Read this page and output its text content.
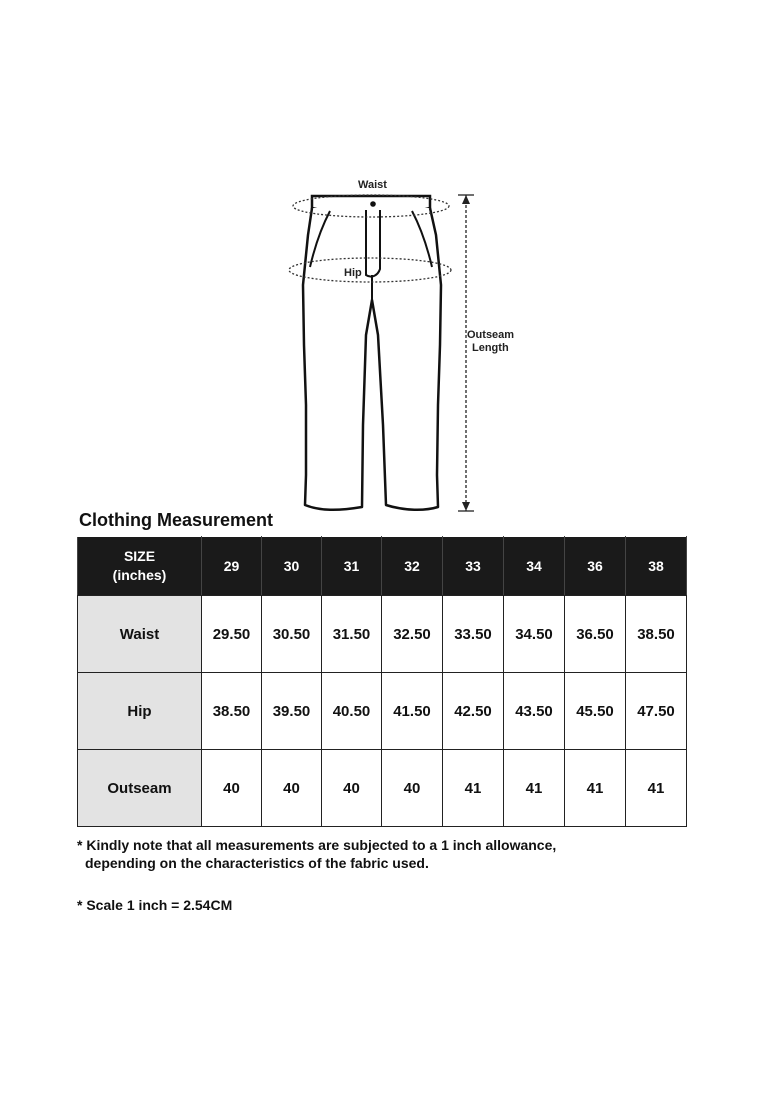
Waist
Hip
Outseam
Length
Clothing Measurement
SIZE
(inches)	29	30	31	32	33	34	36	38
Waist	29.50	30.50	31.50	32.50	33.50	34.50	36.50	38.50
Hip	38.50	39.50	40.50	41.50	42.50	43.50	45.50	47.50
Outseam	40	40	40	40	41	41	41	41

* Kindly note that all measurements are subjected to a 1 inch allowance,

depending on the characteristics of the fabric used.

* Scale 1 inch = 2.54CM
